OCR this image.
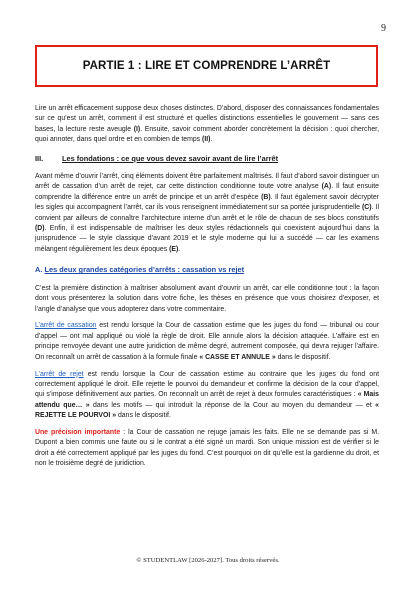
9
PARTIE 1 : LIRE ET COMPRENDRE L’ARRÊT

Lire un arrêt efficacement suppose deux choses distinctes. D’abord, disposer des connaissances fondamentales sur ce qu’est un arrêt, comment il est structuré et quelles distinctions essentielles le gouvernent — sans ces bases, la lecture reste aveugle (I). Ensuite, savoir comment aborder concrètement la décision : quoi chercher, quoi annoter, dans quel ordre et en combien de temps (II).

III.	Les fondations : ce que vous devez savoir avant de lire l’arrêt

Avant même d’ouvrir l’arrêt, cinq éléments doivent être parfaitement maîtrisés. Il faut d’abord savoir distinguer un arrêt de cassation d’un arrêt de rejet, car cette distinction conditionne toute votre analyse (A). Il faut ensuite comprendre la différence entre un arrêt de principe et un arrêt d’espèce (B). Il faut également savoir décrypter les sigles qui accompagnent l’arrêt, car ils vous renseignent immédiatement sur sa portée jurisprudentielle (C). Il convient par ailleurs de connaître l’architecture interne d’un arrêt et le rôle de chacun de ses blocs constitutifs (D). Enfin, il est indispensable de maîtriser les deux styles rédactionnels qui coexistent aujourd’hui dans la jurisprudence — le style classique d’avant 2019 et le style moderne qui lui a succédé — car les examens mélangent régulièrement les deux époques (E).

A. Les deux grandes catégories d’arrêts : cassation vs rejet

C’est la première distinction à maîtriser absolument avant d’ouvrir un arrêt, car elle conditionne tout : la façon dont vous présenterez la solution dans votre fiche, les thèses en présence que vous choisirez d’exposer, et l’angle d’analyse que vous adopterez dans votre commentaire.

L’arrêt de cassation est rendu lorsque la Cour de cassation estime que les juges du fond — tribunal ou cour d’appel — ont mal appliqué ou violé la règle de droit. Elle annule alors la décision attaquée. L’affaire est en principe renvoyée devant une autre juridiction de même degré, autrement composée, qui devra rejuger l’affaire. On reconnaît un arrêt de cassation à la formule finale « CASSE ET ANNULE » dans le dispositif.

L’arrêt de rejet est rendu lorsque la Cour de cassation estime au contraire que les juges du fond ont correctement appliqué le droit. Elle rejette le pourvoi du demandeur et confirme la décision de la cour d’appel, qui s’impose définitivement aux parties. On reconnaît un arrêt de rejet à deux formules caractéristiques : « Mais attendu que… » dans les motifs — qui introduit la réponse de la Cour au moyen du demandeur — et « REJETTE LE POURVOI » dans le dispositif.

Une précision importante : la Cour de cassation ne rejuge jamais les faits. Elle ne se demande pas si M. Dupont a bien commis une faute ou si le contrat a été signé un mardi. Son unique mission est de vérifier si le droit a été correctement appliqué par les juges du fond. C’est pourquoi on dit qu’elle est la gardienne du droit, et non le troisième degré de juridiction.

© STUDENTLAW [2026-2027]. Tous droits réservés.
